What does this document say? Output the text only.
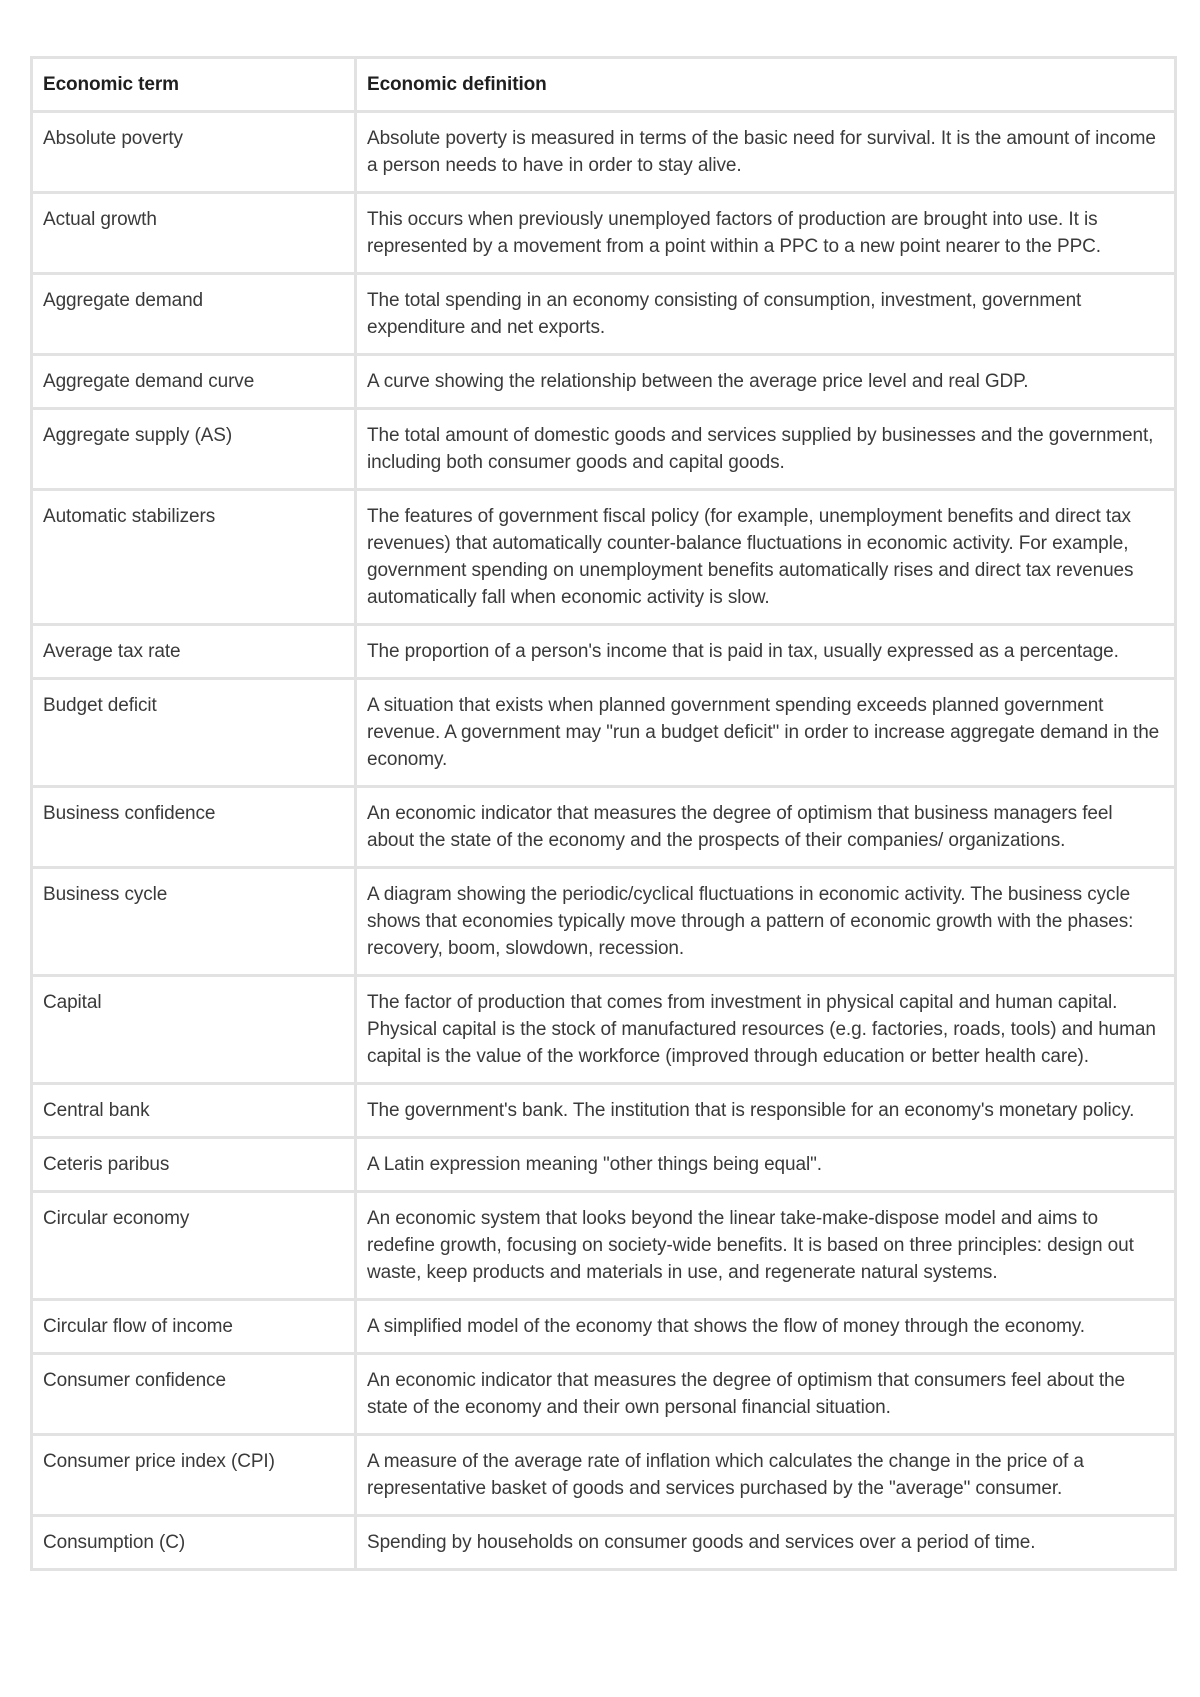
Economic term	Economic definition
Absolute poverty	Absolute poverty is measured in terms of the basic need for survival. It is the amount of income a person needs to have in order to stay alive.
Actual growth	This occurs when previously unemployed factors of production are brought into use. It is represented by a movement from a point within a PPC to a new point nearer to the PPC.
Aggregate demand	The total spending in an economy consisting of consumption, investment, government expenditure and net exports.
Aggregate demand curve	A curve showing the relationship between the average price level and real GDP.
Aggregate supply (AS)	The total amount of domestic goods and services supplied by businesses and the government, including both consumer goods and capital goods.
Automatic stabilizers	The features of government fiscal policy (for example, unemployment benefits and direct tax revenues) that automatically counter-balance fluctuations in economic activity. For example, government spending on unemployment benefits automatically rises and direct tax revenues automatically fall when economic activity is slow.
Average tax rate	The proportion of a person's income that is paid in tax, usually expressed as a percentage.
Budget deficit	A situation that exists when planned government spending exceeds planned government revenue. A government may "run a budget deficit" in order to increase aggregate demand in the economy.
Business confidence	An economic indicator that measures the degree of optimism that business managers feel about the state of the economy and the prospects of their companies/ organizations.
Business cycle	A diagram showing the periodic/cyclical fluctuations in economic activity. The business cycle shows that economies typically move through a pattern of economic growth with the phases: recovery, boom, slowdown, recession.
Capital	The factor of production that comes from investment in physical capital and human capital. Physical capital is the stock of manufactured resources (e.g. factories, roads, tools) and human capital is the value of the workforce (improved through education or better health care).
Central bank	The government's bank. The institution that is responsible for an economy's monetary policy.
Ceteris paribus	A Latin expression meaning "other things being equal".
Circular economy	An economic system that looks beyond the linear take-make-dispose model and aims to redefine growth, focusing on society-wide benefits. It is based on three principles: design out waste, keep products and materials in use, and regenerate natural systems.
Circular flow of income	A simplified model of the economy that shows the flow of money through the economy.
Consumer confidence	An economic indicator that measures the degree of optimism that consumers feel about the state of the economy and their own personal financial situation.
Consumer price index (CPI)	A measure of the average rate of inflation which calculates the change in the price of a representative basket of goods and services purchased by the "average" consumer.
Consumption (C)	Spending by households on consumer goods and services over a period of time.
